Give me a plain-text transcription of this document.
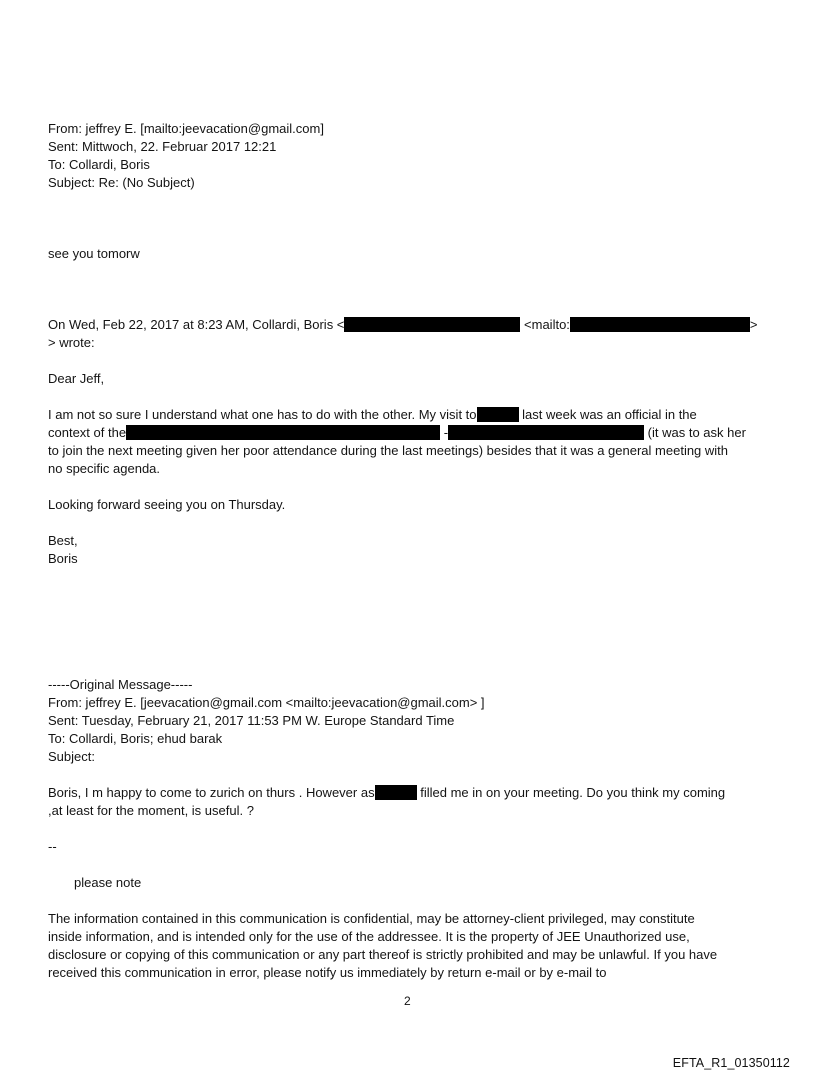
From: jeffrey E. [mailto:jeevacation@gmail.com]
Sent: Mittwoch, 22. Februar 2017 12:21
To: Collardi, Boris
Subject: Re: (No Subject)
see you tomorw
On Wed, Feb 22, 2017 at 8:23 AM, Collardi, Boris <	<mailto:	>
> wrote:
Dear Jeff,
I am not so sure I understand what one has to do with the other. My visit to	last week was an official in the
context of the	-	(it was to ask her
to join the next meeting given her poor attendance during the last meetings) besides that it was a general meeting with
no specific agenda.
Looking forward seeing you on Thursday.
Best,
Boris
-----Original Message-----
From: jeffrey E. [jeevacation@gmail.com <mailto:jeevacation@gmail.com> ]
Sent: Tuesday, February 21, 2017 11:53 PM W. Europe Standard Time
To: Collardi, Boris; ehud barak
Subject:
Boris, I m happy to come to zurich on thurs . However as	filled me in on your meeting. Do you think my coming
,at least for the moment, is useful. ?
--
please note
The information contained in this communication is confidential, may be attorney-client privileged, may constitute
inside information, and is intended only for the use of the addressee. It is the property of JEE Unauthorized use,
disclosure or copying of this communication or any part thereof is strictly prohibited and may be unlawful. If you have
received this communication in error, please notify us immediately by return e-mail or by e-mail to
2
EFTA_R1_01350112
